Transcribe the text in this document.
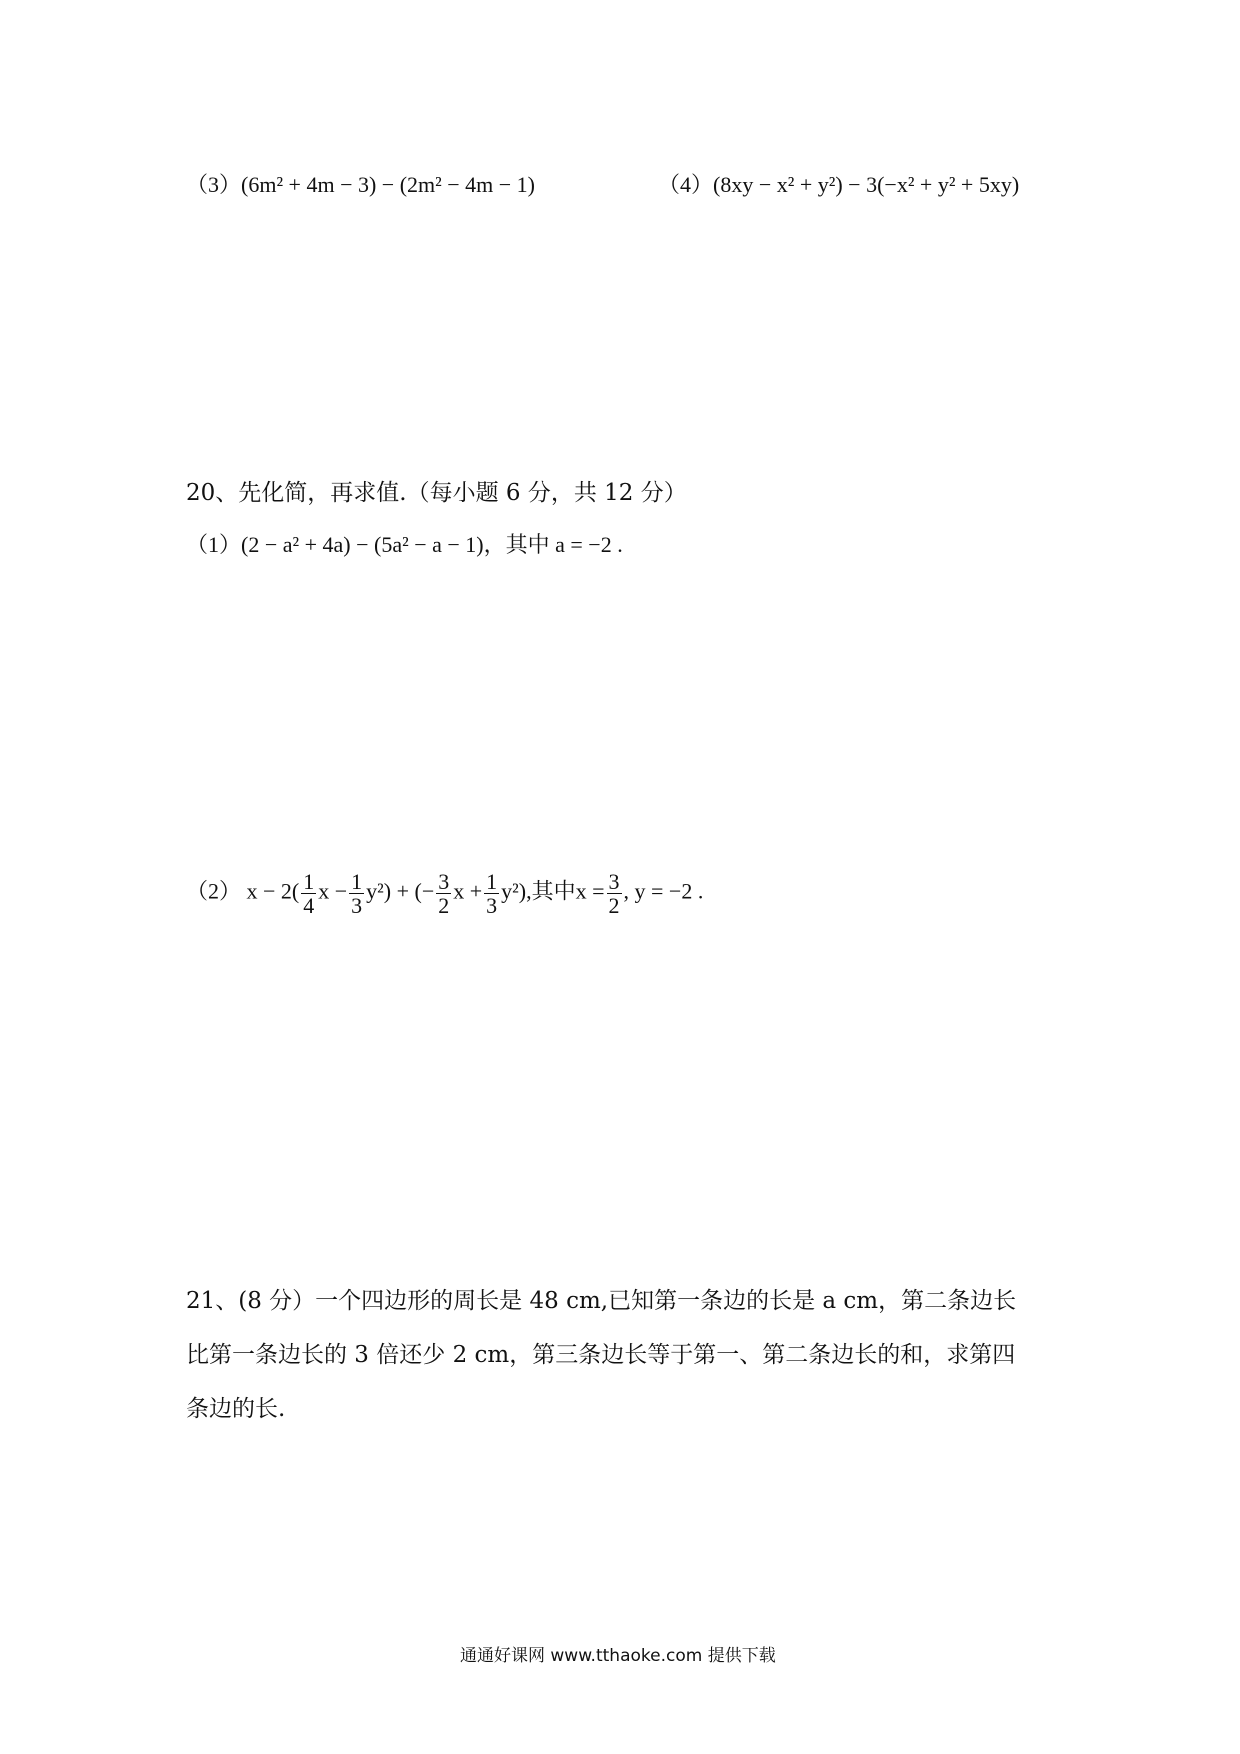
（3）(6m² + 4m − 3) − (2m² − 4m − 1)	（4）(8xy − x² + y²) − 3(−x² + y² + 5xy)
20、先化简，再求值.（每小题 6 分，共 12 分）
（1）(2 − a² + 4a) − (5a² − a − 1)，其中 a = −2 .
（2） $x - 2( \frac{1}{4}$ $x - \frac{1}{3} y^2$) + (− $\frac{3}{2}$ $x + \frac{1}{3} y^2$),其中$x = \frac{3}{2}$ , y = −2 .
21、(8 分）一个四边形的周长是 48 cm,已知第一条边的长是 a cm，第二条边长
比第一条边长的 3 倍还少 2 cm，第三条边长等于第一、第二条边长的和，求第四
条边的长.
通通好课网 www.tthaoke.com 提供下载
